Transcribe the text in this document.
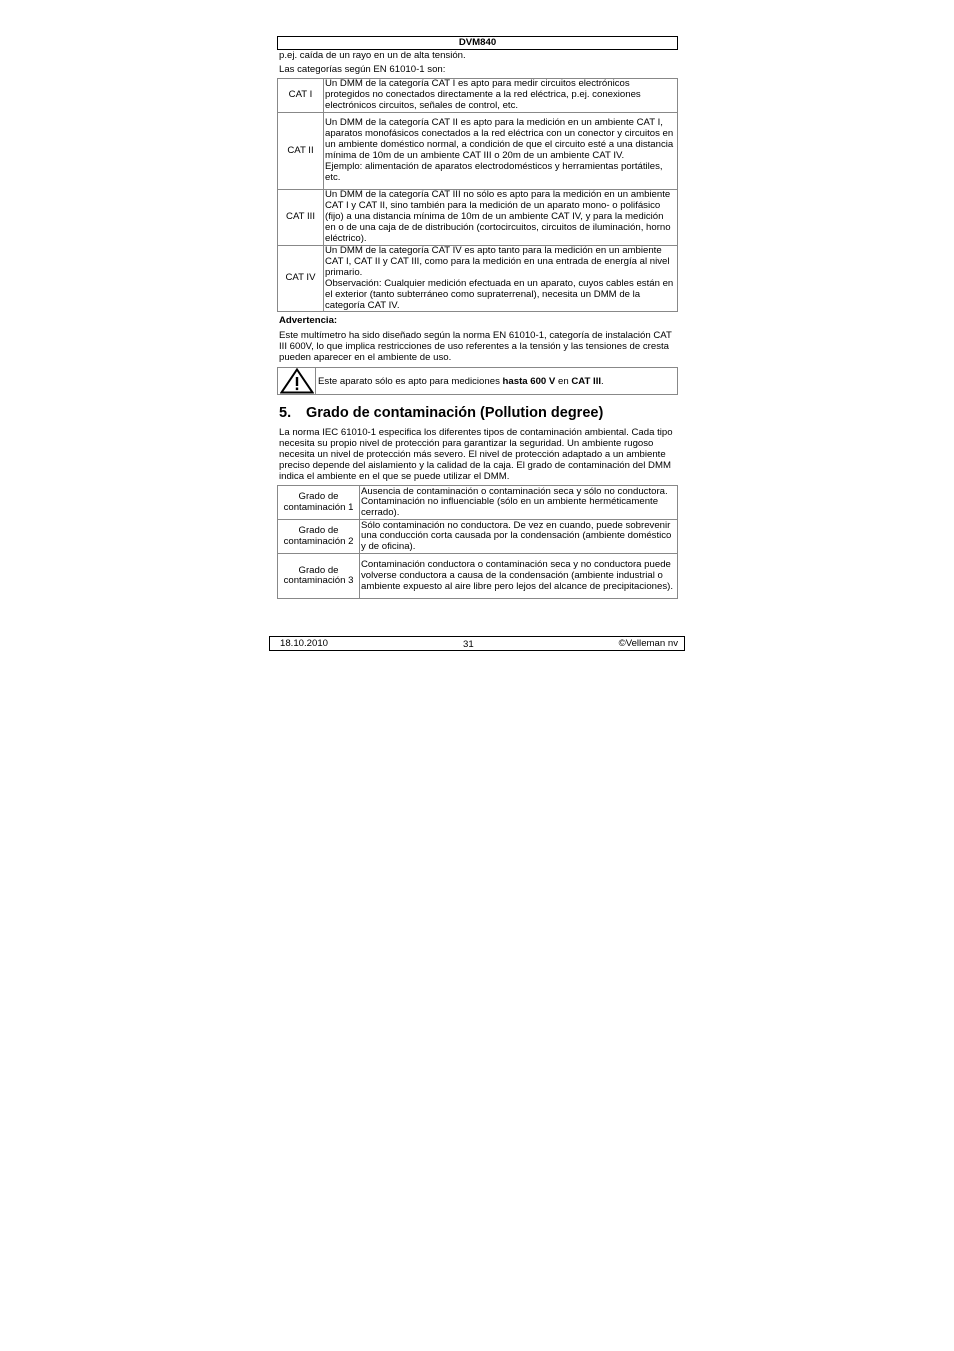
DVM840
p.ej. caída de un rayo en un de alta tensión.
Las categorías según EN 61010-1 son:
CAT I	Un DMM de la categoría CAT I es apto para medir circuitos electrónicos protegidos no conectados directamente a la red eléctrica, p.ej. conexiones electrónicos circuitos, señales de control, etc.
CAT II	Un DMM de la categoría CAT II es apto para la medición en un ambiente CAT I, aparatos monofásicos conectados a la red eléctrica con un conector y circuitos en un ambiente doméstico normal, a condición de que el circuito esté a una distancia mínima de 10m de un ambiente CAT III o 20m de un ambiente CAT IV.
Ejemplo: alimentación de aparatos electrodomésticos y herramientas portátiles, etc.

CAT III	Un DMM de la categoría CAT III no sólo es apto para la medición en un ambiente CAT I y CAT II, sino también para la medición de un aparato mono- o polifásico (fijo) a una distancia mínima de 10m de un ambiente CAT IV, y para la medición en o de una caja de de distribución (cortocircuitos, circuitos de iluminación, horno eléctrico).
CAT IV	Un DMM de la categoría CAT IV es apto tanto para la medición en un ambiente CAT I, CAT II y CAT III, como para la medición en una entrada de energía al nivel primario.
Observación: Cualquier medición efectuada en un aparato, cuyos cables están en el exterior (tanto subterráneo como supraterrenal), necesita un DMM de la categoría CAT IV.
Advertencia:
Este multímetro ha sido diseñado según la norma EN 61010-1, categoría de instalación CAT III 600V, lo que implica restricciones de uso referentes a la tensión y las tensiones de cresta pueden aparecer en el ambiente de uso.
Este aparato sólo es apto para mediciones hasta 600 V en CAT III.
5. Grado de contaminación (Pollution degree)
La norma IEC 61010-1 especifica los diferentes tipos de contaminación ambiental. Cada tipo necesita su propio nivel de protección para garantizar la seguridad. Un ambiente rugoso necesita un nivel de protección más severo. El nivel de protección adaptado a un ambiente preciso depende del aislamiento y la calidad de la caja. El grado de contaminación del DMM indica el ambiente en el que se puede utilizar el DMM.
Grado de contaminación 1	Ausencia de contaminación o contaminación seca y sólo no conductora. Contaminación no influenciable (sólo en un ambiente herméticamente cerrado).
Grado de contaminación 2	Sólo contaminación no conductora. De vez en cuando, puede sobrevenir una conducción corta causada por la condensación (ambiente doméstico y de oficina).
Grado de contaminación 3	Contaminación conductora o contaminación seca y no conductora puede volverse conductora a causa de la condensación (ambiente industrial o ambiente expuesto al aire libre pero lejos del alcance de precipitaciones).
18.10.2010	31	©Velleman nv
